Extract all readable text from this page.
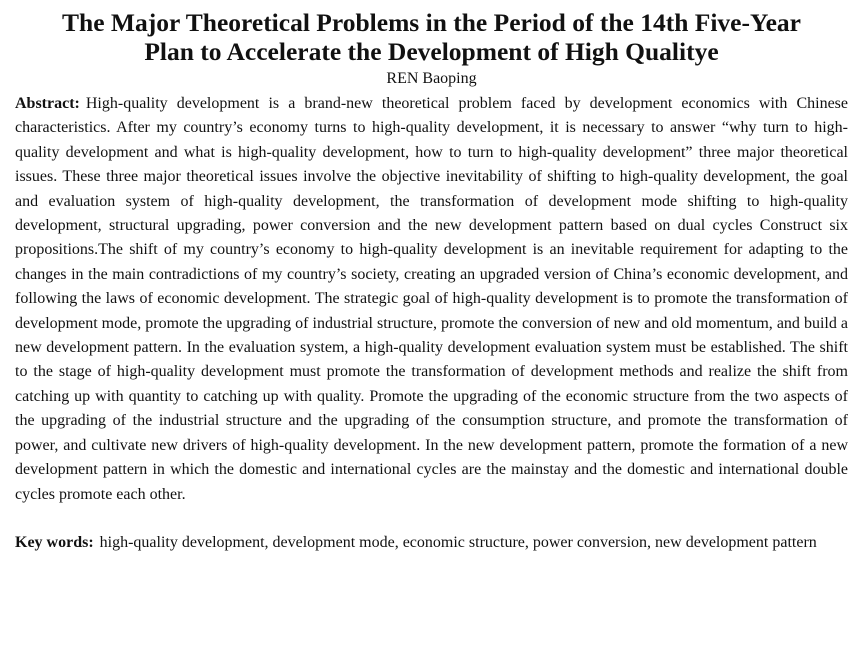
The Major Theoretical Problems in the Period of the 14th Five-Year
Plan to Accelerate the Development of High Qualitye
REN Baoping

Abstract: High-quality development is a brand-new theoretical problem faced by development economics with Chinese characteristics. After my country’s economy turns to high-quality development, it is necessary to answer “why turn to high-quality development and what is high-quality development, how to turn to high-quality development” three major theoretical issues. These three major theoretical issues involve the objective inevitability of shifting to high-quality development, the goal and evaluation system of high-quality development, the transformation of development mode shifting to high-quality development, structural upgrading, power conversion and the new development pattern based on dual cycles Construct six propositions.The shift of my country’s economy to high-quality development is an inevitable requirement for adapting to the changes in the main contradictions of my country’s society, creating an upgraded version of China’s economic development, and following the laws of economic development. The strategic goal of high-quality development is to promote the transformation of development mode, promote the upgrading of industrial structure, promote the conversion of new and old momentum, and build a new development pattern. In the evaluation system, a high-quality development evaluation system must be established. The shift to the stage of high-quality development must promote the transformation of development methods and realize the shift from catching up with quantity to catching up with quality. Promote the upgrading of the economic structure from the two aspects of the upgrading of the industrial structure and the upgrading of the consumption structure, and promote the transformation of power, and cultivate new drivers of high-quality development. In the new development pattern, promote the formation of a new development pattern in which the domestic and international cycles are the mainstay and the domestic and international double cycles promote each other.

Key words: high-quality development, development mode, economic structure, power conversion, new development pattern
